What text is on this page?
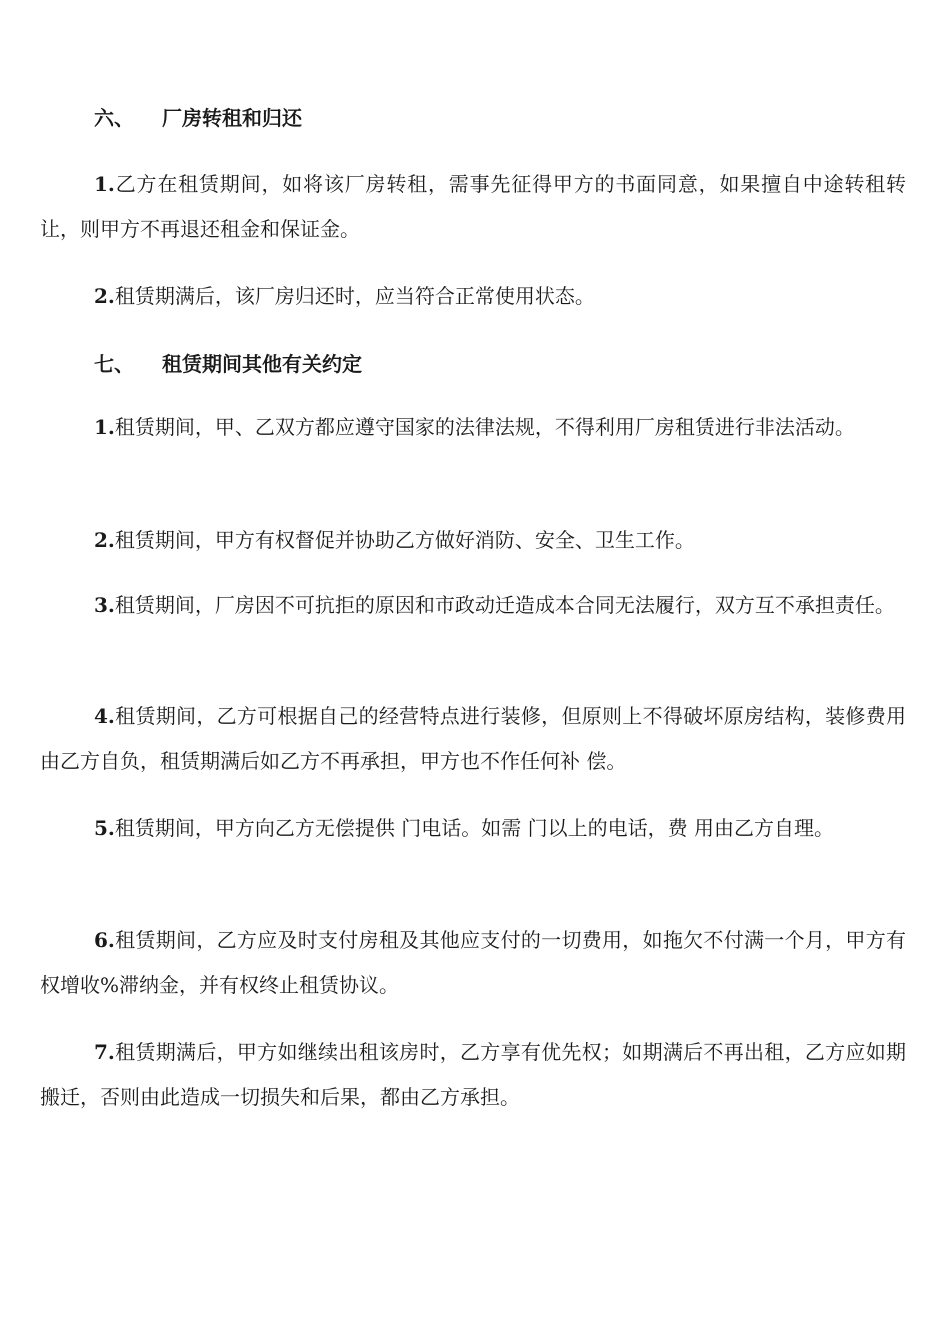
六、 厂房转租和归还
1.乙方在租赁期间，如将该厂房转租，需事先征得甲方的书面同意，如果擅自中途转租转让，则甲方不再退还租金和保证金。
2.租赁期满后，该厂房归还时，应当符合正常使用状态。
七、 租赁期间其他有关约定
1.租赁期间，甲、乙双方都应遵守国家的法律法规，不得利用厂房租赁进行非法活动。
2.租赁期间，甲方有权督促并协助乙方做好消防、安全、卫生工作。
3.租赁期间，厂房因不可抗拒的原因和市政动迁造成本合同无法履行，双方互不承担责任。
4.租赁期间，乙方可根据自己的经营特点进行装修，但原则上不得破坏原房结构，装修费用由乙方自负，租赁期满后如乙方不再承担，甲方也不作任何补 偿。
5.租赁期间，甲方向乙方无偿提供 门电话。如需 门以上的电话，费 用由乙方自理。
6.租赁期间，乙方应及时支付房租及其他应支付的一切费用，如拖欠不付满一个月，甲方有权增收%滞纳金，并有权终止租赁协议。
7.租赁期满后，甲方如继续出租该房时，乙方享有优先权；如期满后不再出租，乙方应如期搬迁，否则由此造成一切损失和后果，都由乙方承担。
